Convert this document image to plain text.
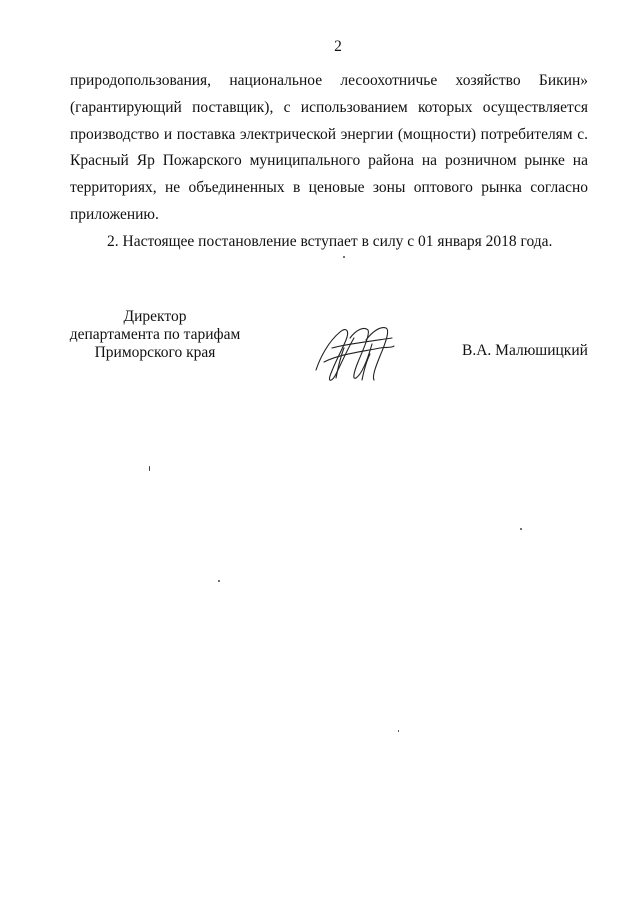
2

природопользования, национальное лесоохотничье хозяйство Бикин» (гарантирующий поставщик), с использованием которых осуществляется производство и поставка электрической энергии (мощности) потребителям с. Красный Яр Пожарского муниципального района на розничном рынке на территориях, не объединенных в ценовые зоны оптового рынка согласно приложению.

2. Настоящее постановление вступает в силу с 01 января 2018 года.

Директор
департамента по тарифам
Приморского края	В.А. Малюшицкий
